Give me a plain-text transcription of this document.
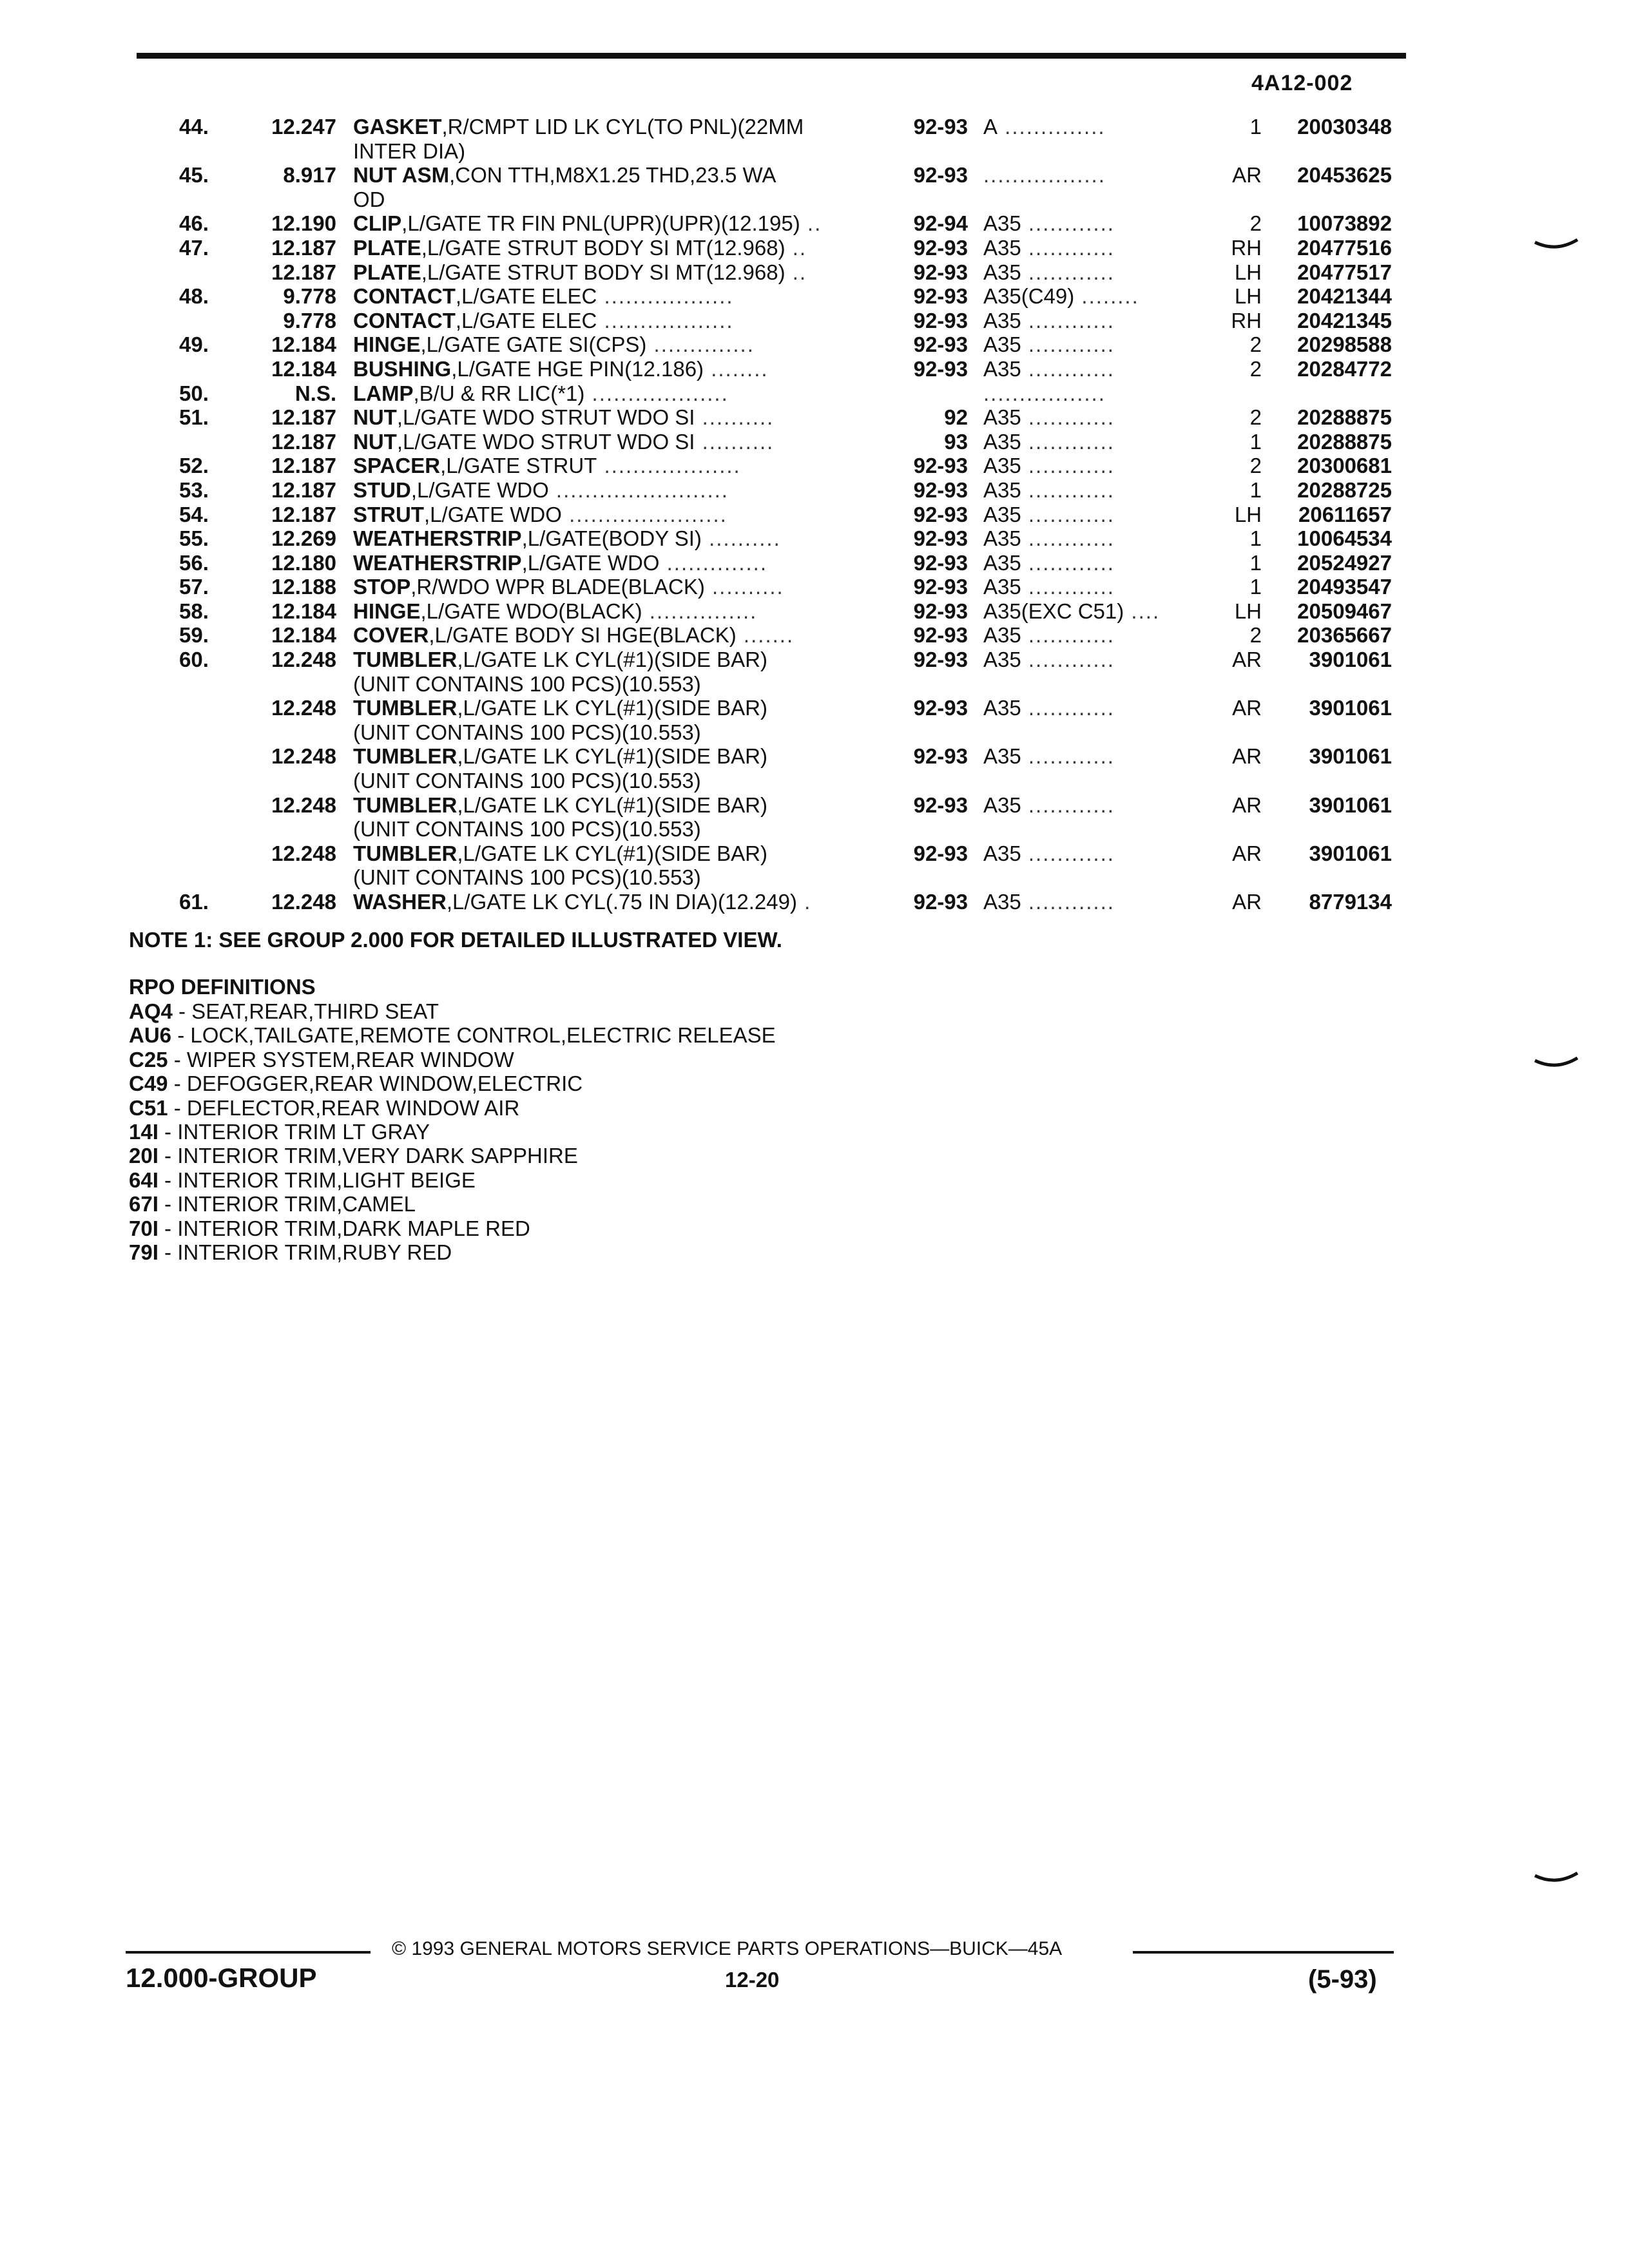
4A12-002
44.	12.247 GASKET,R/CMPT LID LK CYL(TO PNL)(22MM	92-93 A ..............	1	20030348
INTER DIA)
45.	8.917 NUT ASM,CON TTH,M8X1.25 THD,23.5 WA	92-93 .................	AR	20453625
OD
46.	12.190 CLIP,L/GATE TR FIN PNL(UPR)(UPR)(12.195) ..	92-94 A35 ............	2	10073892
47.	12.187 PLATE,L/GATE STRUT BODY SI MT(12.968) ..	92-93 A35 ............	RH	20477516
12.187 PLATE,L/GATE STRUT BODY SI MT(12.968) ..	92-93 A35 ............	LH	20477517
48.	9.778 CONTACT,L/GATE ELEC ..................	92-93 A35(C49) ........	LH	20421344
9.778 CONTACT,L/GATE ELEC ..................	92-93 A35 ............	RH	20421345
49.	12.184 HINGE,L/GATE GATE SI(CPS) ..............	92-93 A35 ............	2	20298588
12.184 BUSHING,L/GATE HGE PIN(12.186) ........	92-93 A35 ............	2	20284772
50.	N.S. LAMP,B/U & RR LIC(*1) ...................	.................
51.	12.187 NUT,L/GATE WDO STRUT WDO SI ..........	92 A35 ............	2	20288875
12.187 NUT,L/GATE WDO STRUT WDO SI ..........	93 A35 ............	1	20288875
52.	12.187 SPACER,L/GATE STRUT ...................	92-93 A35 ............	2	20300681
53.	12.187 STUD,L/GATE WDO ........................	92-93 A35 ............	1	20288725
54.	12.187 STRUT,L/GATE WDO ......................	92-93 A35 ............	LH	20611657
55.	12.269 WEATHERSTRIP,L/GATE(BODY SI) ..........	92-93 A35 ............	1	10064534
56.	12.180 WEATHERSTRIP,L/GATE WDO ..............	92-93 A35 ............	1	20524927
57.	12.188 STOP,R/WDO WPR BLADE(BLACK) ..........	92-93 A35 ............	1	20493547
58.	12.184 HINGE,L/GATE WDO(BLACK) ...............	92-93 A35(EXC C51) ....	LH	20509467
59.	12.184 COVER,L/GATE BODY SI HGE(BLACK) .......	92-93 A35 ............	2	20365667
60.	12.248 TUMBLER,L/GATE LK CYL(#1)(SIDE BAR)	92-93 A35 ............	AR	3901061
(UNIT CONTAINS 100 PCS)(10.553)
12.248 TUMBLER,L/GATE LK CYL(#1)(SIDE BAR)	92-93 A35 ............	AR	3901061
(UNIT CONTAINS 100 PCS)(10.553)
12.248 TUMBLER,L/GATE LK CYL(#1)(SIDE BAR)	92-93 A35 ............	AR	3901061
(UNIT CONTAINS 100 PCS)(10.553)
12.248 TUMBLER,L/GATE LK CYL(#1)(SIDE BAR)	92-93 A35 ............	AR	3901061
(UNIT CONTAINS 100 PCS)(10.553)
12.248 TUMBLER,L/GATE LK CYL(#1)(SIDE BAR)	92-93 A35 ............	AR	3901061
(UNIT CONTAINS 100 PCS)(10.553)
61.	12.248 WASHER,L/GATE LK CYL(.75 IN DIA)(12.249) .	92-93 A35 ............	AR	8779134
NOTE 1: SEE GROUP 2.000 FOR DETAILED ILLUSTRATED VIEW.
RPO DEFINITIONS
AQ4 - SEAT,REAR,THIRD SEAT
AU6 - LOCK,TAILGATE,REMOTE CONTROL,ELECTRIC RELEASE
C25 - WIPER SYSTEM,REAR WINDOW
C49 - DEFOGGER,REAR WINDOW,ELECTRIC
C51 - DEFLECTOR,REAR WINDOW AIR
14I - INTERIOR TRIM LT GRAY
20I - INTERIOR TRIM,VERY DARK SAPPHIRE
64I - INTERIOR TRIM,LIGHT BEIGE
67I - INTERIOR TRIM,CAMEL
70I - INTERIOR TRIM,DARK MAPLE RED
79I - INTERIOR TRIM,RUBY RED
© 1993 GENERAL MOTORS SERVICE PARTS OPERATIONS—BUICK—45A
12.000-GROUP	12-20	(5-93)
